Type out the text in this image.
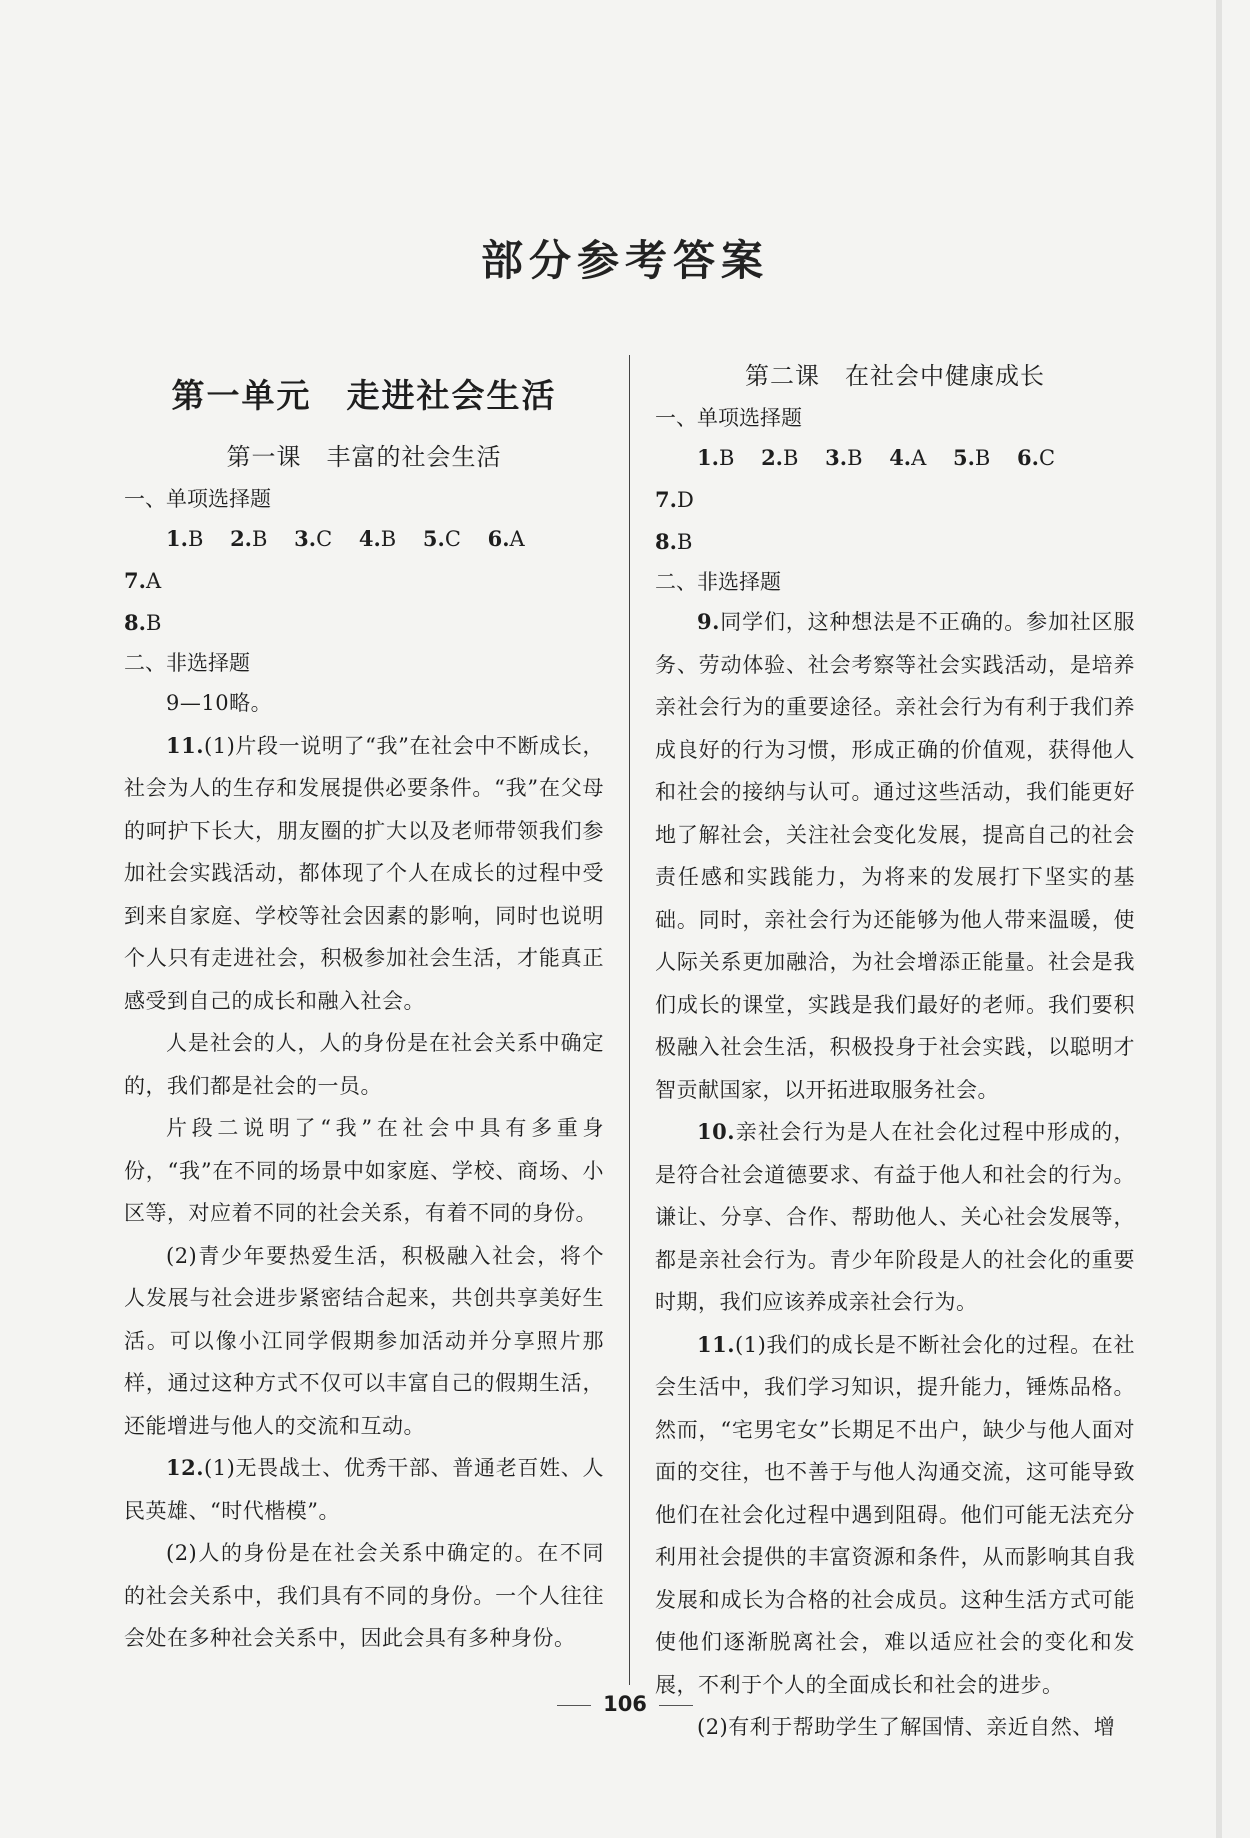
部分参考答案
第一单元　走进社会生活
第一课　丰富的社会生活

一、单项选择题

1.B 2.B 3.C 4.B 5.C 6.A 7.A

8.B

二、非选择题

9—10略。

11.(1)片段一说明了“我”在社会中不断成长，社会为人的生存和发展提供必要条件。“我”在父母的呵护下长大，朋友圈的扩大以及老师带领我们参加社会实践活动，都体现了个人在成长的过程中受到来自家庭、学校等社会因素的影响，同时也说明个人只有走进社会，积极参加社会生活，才能真正感受到自己的成长和融入社会。

人是社会的人，人的身份是在社会关系中确定的，我们都是社会的一员。

片段二说明了“我”在社会中具有多重身份，“我”在不同的场景中如家庭、学校、商场、小区等，对应着不同的社会关系，有着不同的身份。

(2)青少年要热爱生活，积极融入社会，将个人发展与社会进步紧密结合起来，共创共享美好生活。可以像小江同学假期参加活动并分享照片那样，通过这种方式不仅可以丰富自己的假期生活，还能增进与他人的交流和互动。

12.(1)无畏战士、优秀干部、普通老百姓、人民英雄、“时代楷模”。

(2)人的身份是在社会关系中确定的。在不同的社会关系中，我们具有不同的身份。一个人往往会处在多种社会关系中，因此会具有多种身份。

第二课　在社会中健康成长

一、单项选择题

1.B 2.B 3.B 4.A 5.B 6.C 7.D

8.B

二、非选择题

9.同学们，这种想法是不正确的。参加社区服务、劳动体验、社会考察等社会实践活动，是培养亲社会行为的重要途径。亲社会行为有利于我们养成良好的行为习惯，形成正确的价值观，获得他人和社会的接纳与认可。通过这些活动，我们能更好地了解社会，关注社会变化发展，提高自己的社会责任感和实践能力，为将来的发展打下坚实的基础。同时，亲社会行为还能够为他人带来温暖，使人际关系更加融洽，为社会增添正能量。社会是我们成长的课堂，实践是我们最好的老师。我们要积极融入社会生活，积极投身于社会实践，以聪明才智贡献国家，以开拓进取服务社会。

10.亲社会行为是人在社会化过程中形成的，是符合社会道德要求、有益于他人和社会的行为。谦让、分享、合作、帮助他人、关心社会发展等，都是亲社会行为。青少年阶段是人的社会化的重要时期，我们应该养成亲社会行为。

11.(1)我们的成长是不断社会化的过程。在社会生活中，我们学习知识，提升能力，锤炼品格。然而，“宅男宅女”长期足不出户，缺少与他人面对面的交往，也不善于与他人沟通交流，这可能导致他们在社会化过程中遇到阻碍。他们可能无法充分利用社会提供的丰富资源和条件，从而影响其自我发展和成长为合格的社会成员。这种生活方式可能使他们逐渐脱离社会，难以适应社会的变化和发展，不利于个人的全面成长和社会的进步。

(2)有利于帮助学生了解国情、亲近自然、增

106
